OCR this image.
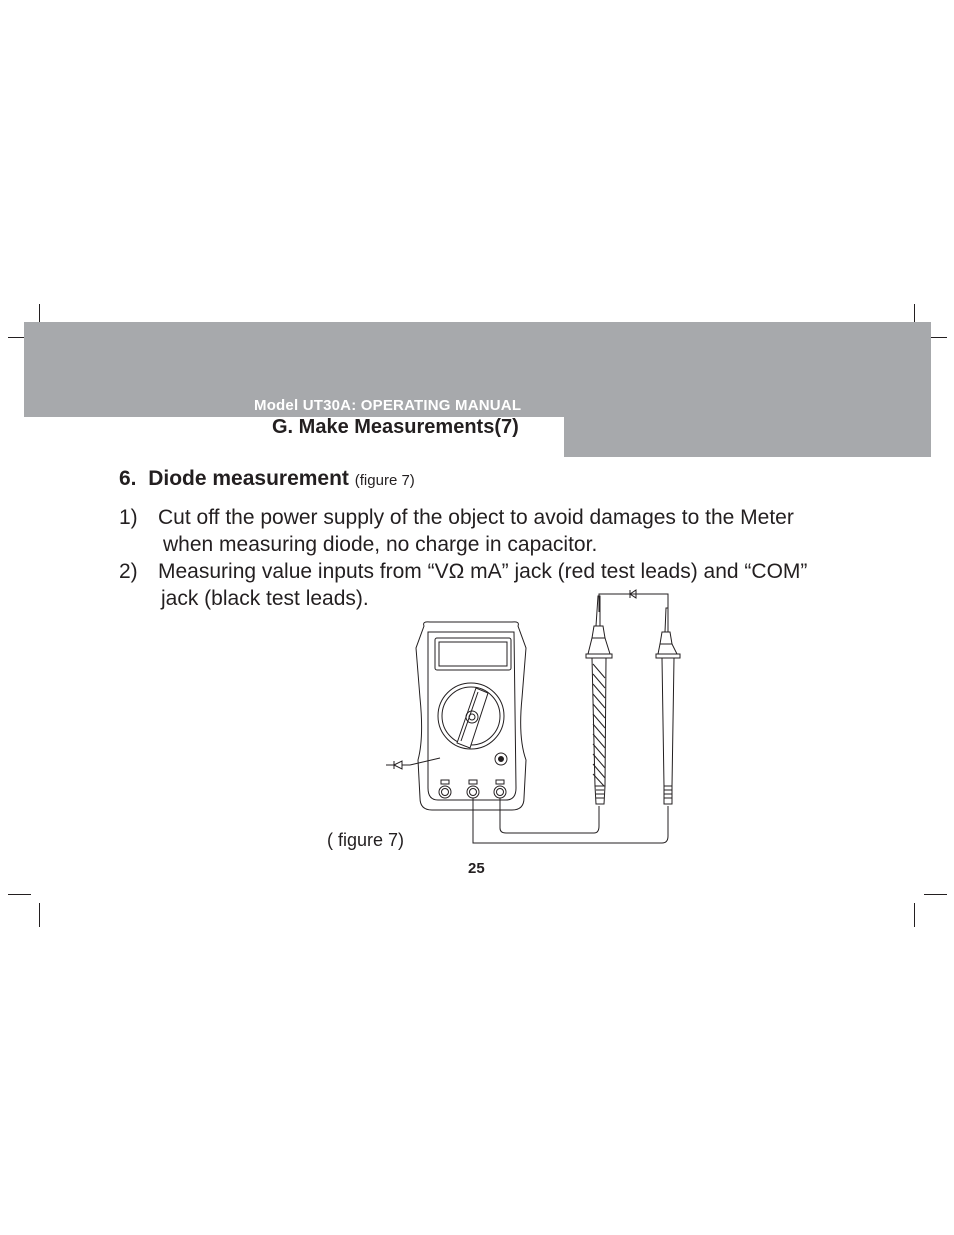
Model UT30A: OPERATING MANUAL
G. Make Measurements(7)
6. Diode measurement (figure 7)
1) Cut off the power supply of the object to avoid damages to the Meter
when measuring diode, no charge in capacitor.
2) Measuring value inputs from “VΩ mA” jack (red test leads) and “COM”
jack (black test leads).
( figure 7)
25
